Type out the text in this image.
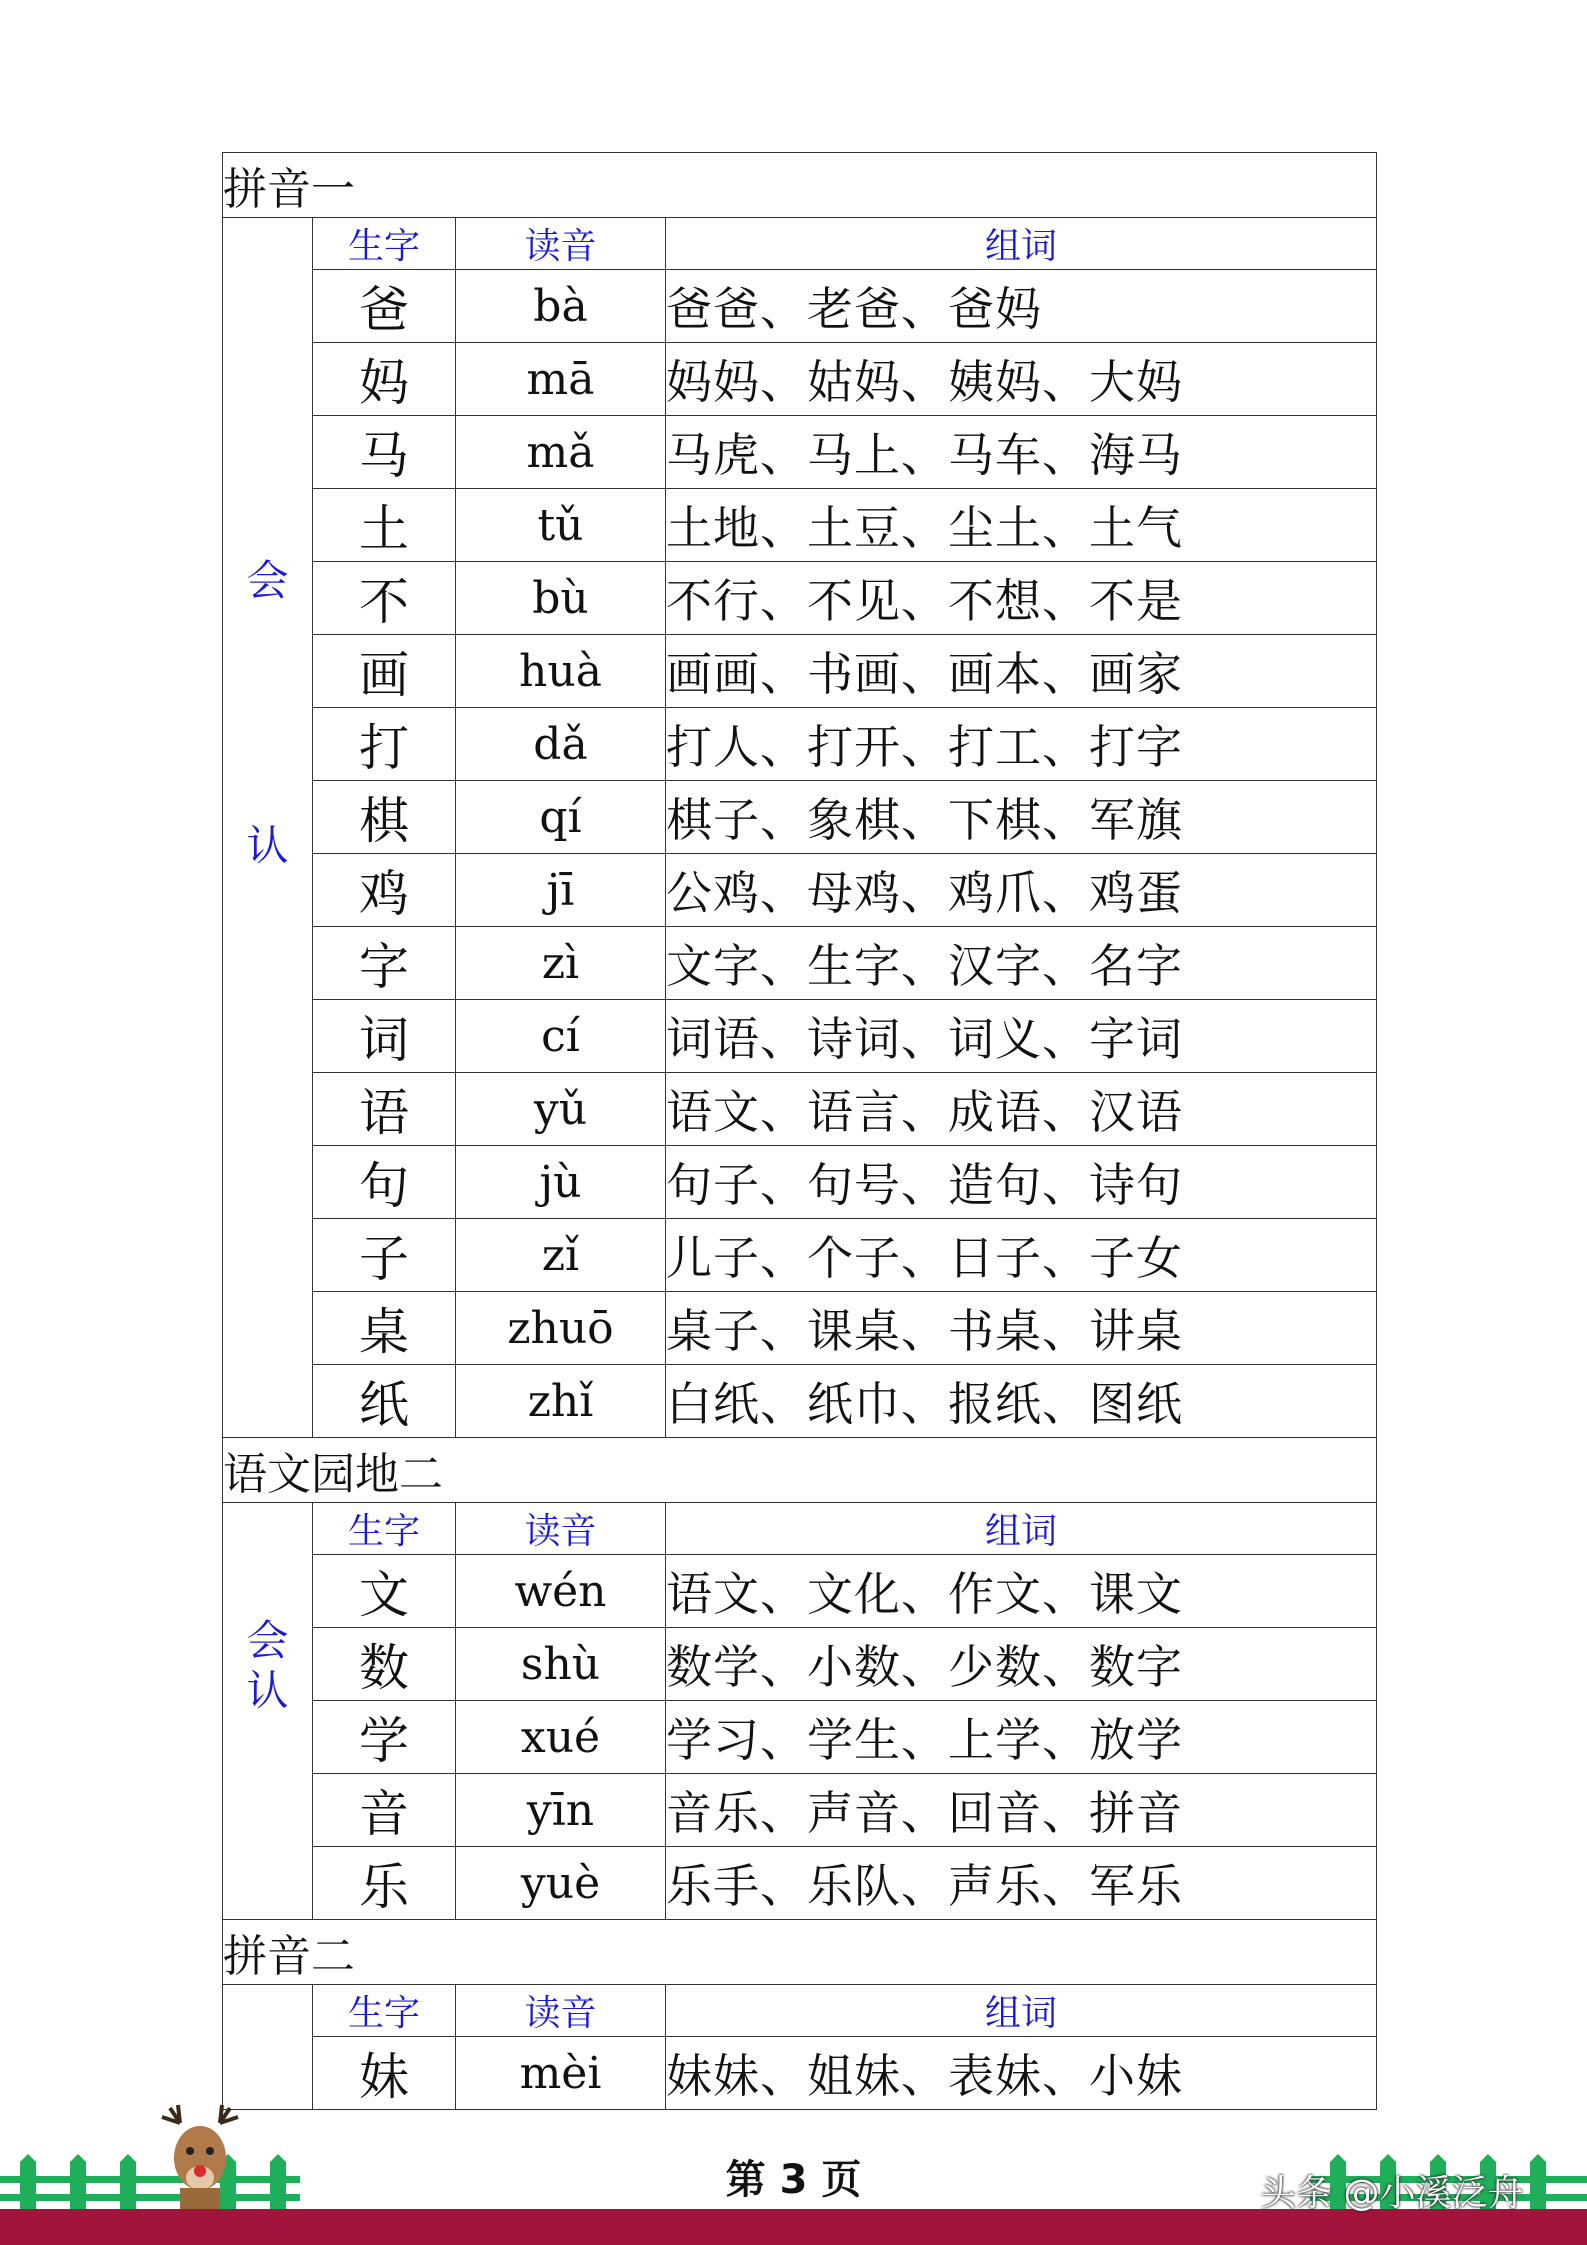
拼音一			

会
认	生字	读音	组词
	爸	bà	爸爸、老爸、爸妈
	妈	mā	妈妈、姑妈、姨妈、大妈
	马	mǎ	马虎、马上、马车、海马
	土	tǔ	土地、土豆、尘土、土气
	不	bù	不行、不见、不想、不是
	画	huà	画画、书画、画本、画家
	打	dǎ	打人、打开、打工、打字
	棋	qí	棋子、象棋、下棋、军旗
	鸡	jī	公鸡、母鸡、鸡爪、鸡蛋
	字	zì	文字、生字、汉字、名字
	词	cí	词语、诗词、词义、字词
	语	yǔ	语文、语言、成语、汉语
	句	jù	句子、句号、造句、诗句
	子	zǐ	儿子、个子、日子、子女
	桌	zhuō	桌子、课桌、书桌、讲桌
	纸	zhǐ	白纸、纸巾、报纸、图纸
语文园地二			

会
认	生字	读音	组词
	文	wén	语文、文化、作文、课文
	数	shù	数学、小数、少数、数字
	学	xué	学习、学生、上学、放学
	音	yīn	音乐、声音、回音、拼音
	乐	yuè	乐手、乐队、声乐、军乐
拼音二			
	生字	读音	组词
	妹	mèi	妹妹、姐妹、表妹、小妹
第 3 页	头条 @小溪泛舟
